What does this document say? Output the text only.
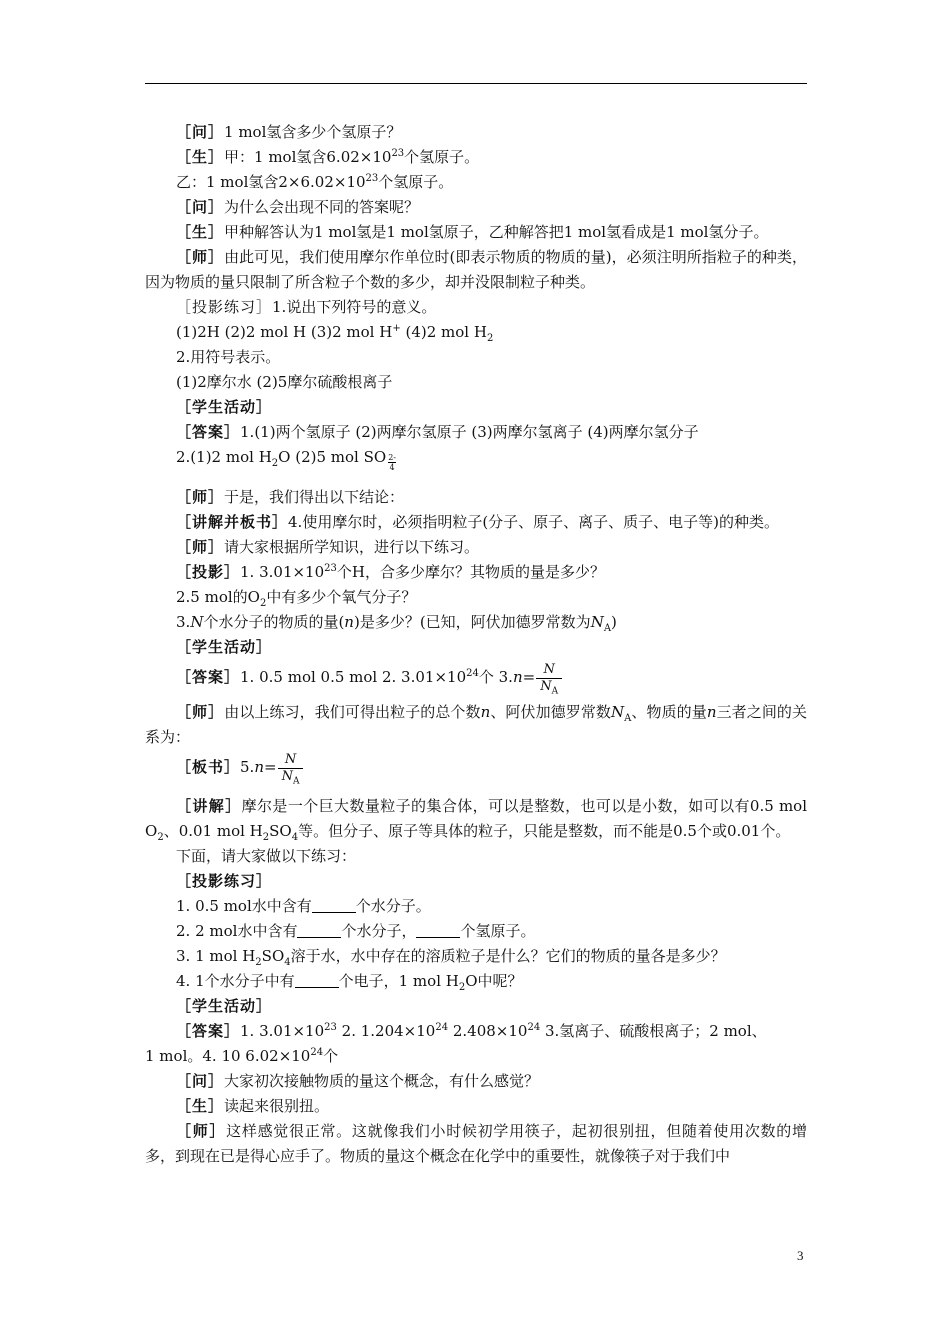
［问］1 mol氢含多少个氢原子？

［生］甲：1 mol氢含$6.02\times 10^{23}$个氢原子。

乙：1 mol氢含$2\times 6.02\times 10^{23}$个氢原子。

［问］为什么会出现不同的答案呢？

［生］甲种解答认为1 mol氢是1 mol氢原子，乙种解答把1 mol氢看成是1 mol氢分子。

［师］由此可见，我们使用摩尔作单位时(即表示物质的物质的量)，必须注明所指粒子的种类，因为物质的量只限制了所含粒子个数的多少，却并没限制粒子种类。

［投影练习］1.说出下列符号的意义。

(1)2H (2)2 mol H (3)2 mol H+ (4)2 mol $H_2$

2.用符号表示。

(1)2摩尔水 (2)5摩尔硫酸根离子

［学生活动］

［答案］1.(1)两个氢原子 (2)两摩尔氢原子 (3)两摩尔氢离子 (4)两摩尔氢分子

2.(1)2 mol $H_2O$ (2)5 mol SO $\frac{2-}{4}$

［师］于是，我们得出以下结论：

［讲解并板书］4.使用摩尔时，必须指明粒子(分子、原子、离子、质子、电子等)的种类。

［师］请大家根据所学知识，进行以下练习。

［投影］1. $3.01\times 10^{23}$个H，合多少摩尔？其物质的量是多少？

2.5 mol的$O_2$中有多少个氧气分子？

3.N个水分子的物质的量(n)是多少？(已知，阿伏加德罗常数为$N_A$)

［学生活动］

［答案］1. 0.5 mol 0.5 mol 2. $3.01\times 10^{24}$个 $3.n= \frac{N}{N_A}$

［师］由以上练习，我们可得出粒子的总个数n、阿伏加德罗常数$N_A$、物质的量n三者之间的关系为：

［板书］5.n= $\frac{N}{N_A}$

［讲解］摩尔是一个巨大数量粒子的集合体，可以是整数，也可以是小数，如可以有0.5 mol $O_2$、0.01 mol $H_2SO_4$等。但分子、原子等具体的粒子，只能是整数，而不能是0.5个或0.01个。

下面，请大家做以下练习：

［投影练习］

1. 0.5 mol水中含有	个水分子。

2. 2 mol水中含有	个水分子，	个氢原子。

3. 1 mol $H_2SO_4$溶于水，水中存在的溶质粒子是什么？它们的物质的量各是多少？

4. 1个水分子中有	个电子，1 mol $H_2O$中呢？

［学生活动］

［答案］1. $3.01\times 10^{23}$ 2. $1.204\times 10^{24}$ $2.408\times 10^{24}$ 3.氢离子、硫酸根离子；2 mol、

1 mol。4. 10 $6.02\times 10^{24}$个

［问］大家初次接触物质的量这个概念，有什么感觉？

［生］读起来很别扭。

［师］这样感觉很正常。这就像我们小时候初学用筷子，起初很别扭，但随着使用次数的增多，到现在已是得心应手了。物质的量这个概念在化学中的重要性，就像筷子对于我们中

3
